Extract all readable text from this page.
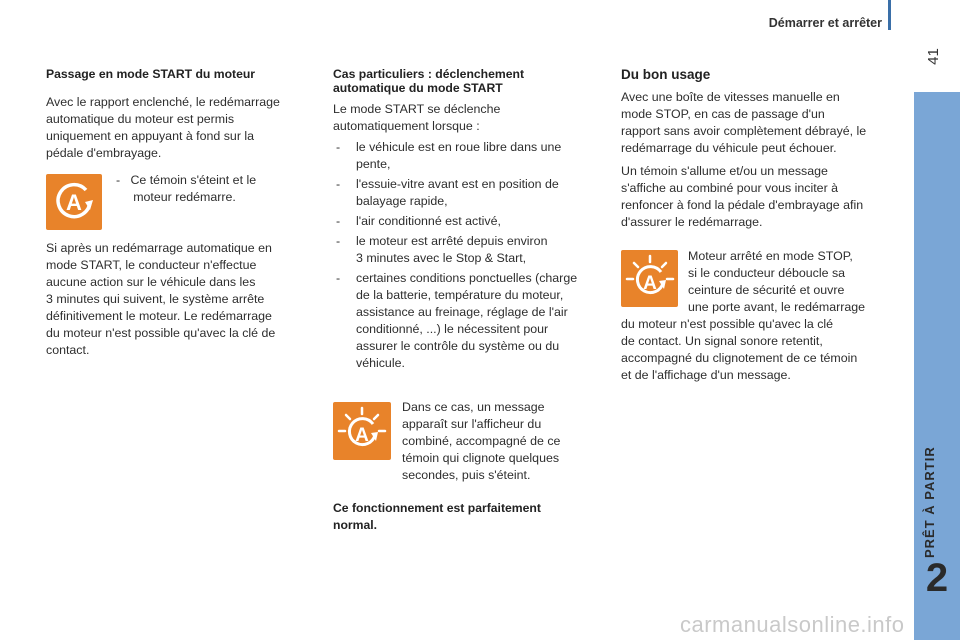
Démarrer et arrêter
41
PRÊT À PARTIR
2

Passage en mode START du moteur

Avec le rapport enclenché, le redémarrage

automatique du moteur est permis

uniquement en appuyant à fond sur la

pédale d'embrayage.

A

-   Ce témoin s'éteint et le

moteur redémarre.

Si après un redémarrage automatique en

mode START, le conducteur n'effectue

aucune action sur le véhicule dans les

3 minutes qui suivent, le système arrête

définitivement le moteur. Le redémarrage

du moteur n'est possible qu'avec la clé de

contact.

Cas particuliers : déclenchement

automatique du mode START

Le mode START se déclenche

automatiquement lorsque :

- le véhicule est en roue libre dans une
pente,
- l'essuie-vitre avant est en position de
balayage rapide,
- l'air conditionné est activé,
- le moteur est arrêté depuis environ
3 minutes avec le Stop & Start,
- certaines conditions ponctuelles (charge
de la batterie, température du moteur,
assistance au freinage, réglage de l'air
conditionné, ...) le nécessitent pour
assurer le contrôle du système ou du
véhicule.
A

Dans ce cas, un message

apparaît sur l'afficheur du

combiné, accompagné de ce

témoin qui clignote quelques

secondes, puis s'éteint.

Ce fonctionnement est parfaitement

normal.

Du bon usage

Avec une boîte de vitesses manuelle en

mode STOP, en cas de passage d'un

rapport sans avoir complètement débrayé, le

redémarrage du véhicule peut échouer.

Un témoin s'allume et/ou un message

s'affiche au combiné pour vous inciter à

renfoncer à fond la pédale d'embrayage afin

d'assurer le redémarrage.

A

Moteur arrêté en mode STOP,

si le conducteur déboucle sa

ceinture de sécurité et ouvre

une porte avant, le redémarrage

du moteur n'est possible qu'avec la clé

de contact. Un signal sonore retentit,

accompagné du clignotement de ce témoin

et de l'affichage d'un message.

carmanualsonline.info
